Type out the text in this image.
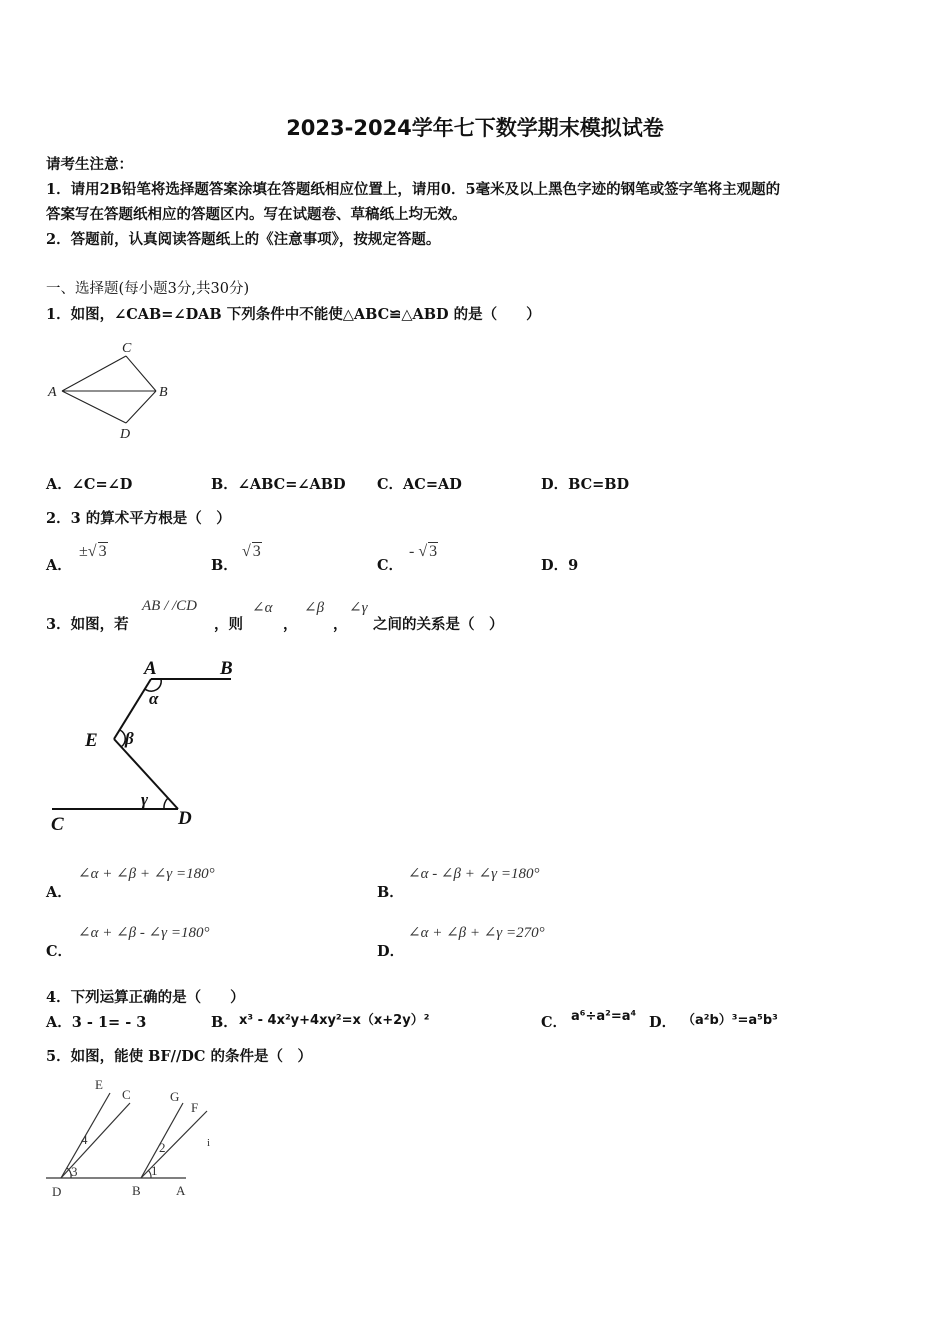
2023-2024学年七下数学期末模拟试卷
请考生注意：
1．请用2B铅笔将选择题答案涂填在答题纸相应位置上，请用0．5毫米及以上黑色字迹的钢笔或签字笔将主观题的
答案写在答题纸相应的答题区内。写在试题卷、草稿纸上均无效。
2．答题前，认真阅读答题纸上的《注意事项》，按规定答题。
一、选择题(每小题3分,共30分)
1．如图，∠CAB=∠DAB 下列条件中不能使△ABC≌△ABD 的是（　　）
C
A	B
D
A．∠C=∠D	B．∠ABC=∠ABD C．AC=AD	D．BC=BD
2．3 的算术平方根是（　）
A．
±√ 3
B．
√ 3
C．
- √ 3
D．9
3．如图，若
AB / /CD
，则
∠α
，
∠β
，
∠γ
之间的关系是（　）
A	B
E
C	D
α
β
γ
A．
∠α + ∠β + ∠γ =180°
B．
∠α - ∠β + ∠γ =180°
C．
∠α + ∠β - ∠γ =180°
D．
∠α + ∠β + ∠γ =270°
4．下列运算正确的是（　　）
A．3 - 1= - 3	B． x³ - 4x²y+4xy²=x（x+2y）²	C． a⁶÷a²=a⁴ D． （a²b）³=a⁵b³
5．如图，能使 BF//DC 的条件是（　）
E
C	G
F
D	B	A
4
3
2
1
i
